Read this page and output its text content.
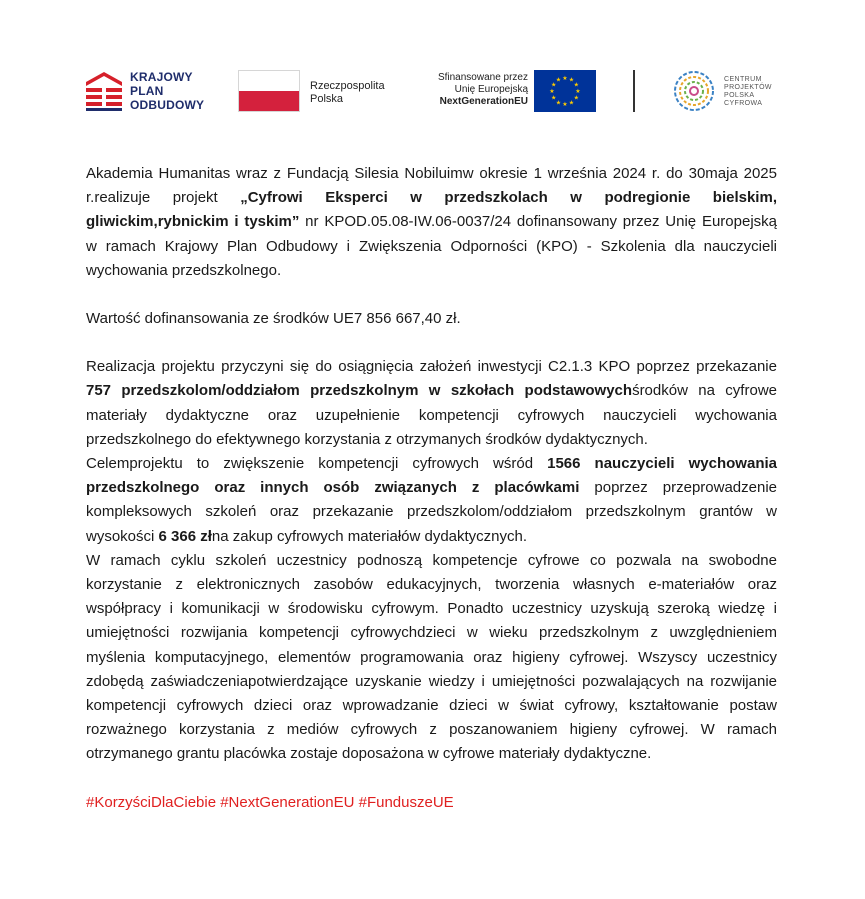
KRAJOWY
PLAN
ODBUDOWY
Rzeczpospolita
Polska
Sfinansowane przez
Unię Europejską
NextGenerationEU
★ ★
★
★
★
★
★
★
★
★
★
★	CENTRUM
PROJEKTÓW
POLSKA
CYFROWA

Akademia Humanitas wraz z Fundacją Silesia Nobiluimw okresie 1 września 2024 r. do 30maja 2025 r.realizuje projekt „Cyfrowi Eksperci w przedszkolach w podregionie bielskim, gliwickim,rybnickim i tyskim” nr KPOD.05.08-IW.06-0037/24 dofinansowany przez Unię Europejską w ramach Krajowy Plan Odbudowy i Zwiększenia Odporności (KPO) - Szkolenia dla nauczycieli wychowania przedszkolnego.

Wartość dofinansowania ze środków UE7 856 667,40 zł.

Realizacja projektu przyczyni się do osiągnięcia założeń inwestycji C2.1.3 KPO poprzez przekazanie 757 przedszkolom/oddziałom przedszkolnym w szkołach podstawowychśrodków na cyfrowe materiały dydaktyczne oraz uzupełnienie kompetencji cyfrowych nauczycieli wychowania przedszkolnego do efektywnego korzystania z otrzymanych środków dydaktycznych.

Celemprojektu to zwiększenie kompetencji cyfrowych wśród 1566 nauczycieli wychowania przedszkolnego oraz innych osób związanych z placówkami poprzez przeprowadzenie kompleksowych szkoleń oraz przekazanie przedszkolom/oddziałom przedszkolnym grantów w wysokości 6 366 złna zakup cyfrowych materiałów dydaktycznych.

W ramach cyklu szkoleń uczestnicy podnoszą kompetencje cyfrowe co pozwala na swobodne korzystanie z elektronicznych zasobów edukacyjnych, tworzenia własnych e-materiałów oraz współpracy i komunikacji w środowisku cyfrowym. Ponadto uczestnicy uzyskują szeroką wiedzę i umiejętności rozwijania kompetencji cyfrowychdzieci w wieku przedszkolnym z uwzględnieniem myślenia komputacyjnego, elementów programowania oraz higieny cyfrowej. Wszyscy uczestnicy zdobędą zaświadczeniapotwierdzające uzyskanie wiedzy i umiejętności pozwalających na rozwijanie kompetencji cyfrowych dzieci oraz wprowadzanie dzieci w świat cyfrowy, kształtowanie postaw rozważnego korzystania z mediów cyfrowych z poszanowaniem higieny cyfrowej. W ramach otrzymanego grantu placówka zostaje doposażona w cyfrowe materiały dydaktyczne.

#KorzyściDlaCiebie #NextGenerationEU #FunduszeUE
